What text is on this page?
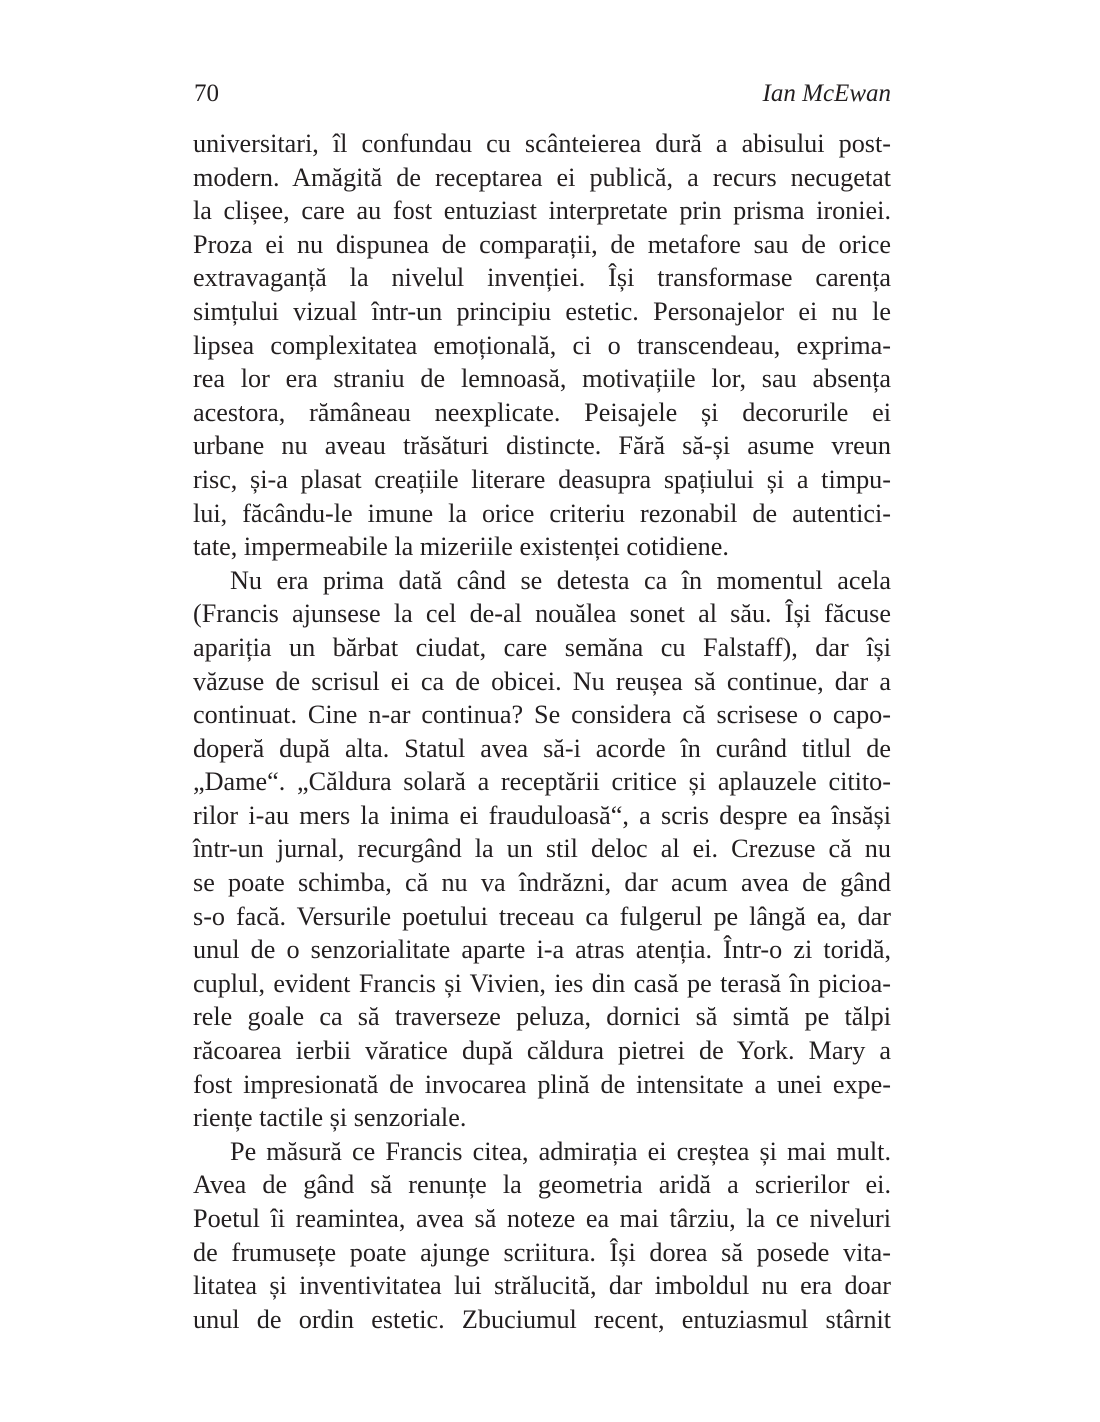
70	Ian McEwan
universitari, îl confundau cu scânteierea dură a abisului post-
modern. Amăgită de receptarea ei publică, a recurs necugetat
la clișee, care au fost entuziast interpretate prin prisma ironiei.
Proza ei nu dispunea de comparații, de metafore sau de orice
extravaganță la nivelul invenției. Își transformase carența
simțului vizual într-un principiu estetic. Personajelor ei nu le
lipsea complexitatea emoțională, ci o transcendeau, exprima-
rea lor era straniu de lemnoasă, motivațiile lor, sau absența
acestora, rămâneau neexplicate. Peisajele și decorurile ei
urbane nu aveau trăsături distincte. Fără să-și asume vreun
risc, și-a plasat creațiile literare deasupra spațiului și a timpu-
lui, făcându-le imune la orice criteriu rezonabil de autentici-
tate, impermeabile la mizeriile existenței cotidiene.
Nu era prima dată când se detesta ca în momentul acela
(Francis ajunsese la cel de-al nouălea sonet al său. Își făcuse
apariția un bărbat ciudat, care semăna cu Falstaff), dar își
văzuse de scrisul ei ca de obicei. Nu reușea să continue, dar a
continuat. Cine n-ar continua? Se considera că scrisese o capo-
doperă după alta. Statul avea să-i acorde în curând titlul de
„Dame“. „Căldura solară a receptării critice și aplauzele citito-
rilor i-au mers la inima ei frauduloasă“, a scris despre ea însăși
într-un jurnal, recurgând la un stil deloc al ei. Crezuse că nu
se poate schimba, că nu va îndrăzni, dar acum avea de gând
s-o facă. Versurile poetului treceau ca fulgerul pe lângă ea, dar
unul de o senzorialitate aparte i-a atras atenția. Într-o zi toridă,
cuplul, evident Francis și Vivien, ies din casă pe terasă în picioa-
rele goale ca să traverseze peluza, dornici să simtă pe tălpi
răcoarea ierbii văratice după căldura pietrei de York. Mary a
fost impresionată de invocarea plină de intensitate a unei expe-
riențe tactile și senzoriale.
Pe măsură ce Francis citea, admirația ei creștea și mai mult.
Avea de gând să renunțe la geometria aridă a scrierilor ei.
Poetul îi reamintea, avea să noteze ea mai târziu, la ce niveluri
de frumusețe poate ajunge scriitura. Își dorea să posede vita-
litatea și inventivitatea lui strălucită, dar imboldul nu era doar
unul de ordin estetic. Zbuciumul recent, entuziasmul stârnit
